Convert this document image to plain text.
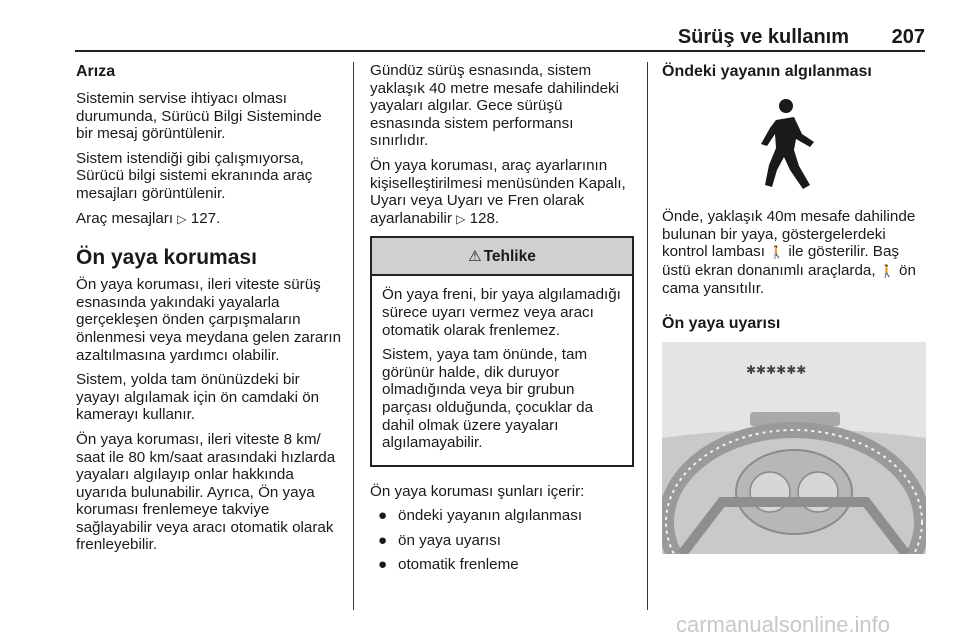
Sürüş ve kullanım 207
Arıza

Sistemin servise ihtiyacı olması durumunda, Sürücü Bilgi Sisteminde bir mesaj görüntülenir.

Sistem istendiği gibi çalışmıyorsa, Sürücü bilgi sistemi ekranında araç mesajları görüntülenir.

Araç mesajları ▷ 127.

Ön yaya koruması

Ön yaya koruması, ileri viteste sürüş esnasında yakındaki yayalarla gerçekleşen önden çarpışmaların önlenmesi veya meydana gelen zararın azaltılmasına yardımcı olabilir.

Sistem, yolda tam önünüzdeki bir yayayı algılamak için ön camdaki ön kamerayı kullanır.

Ön yaya koruması, ileri viteste 8 km/ saat ile 80 km/saat arasındaki hızlarda yayaları algılayıp onlar hakkında uyarıda bulunabilir. Ayrıca, Ön yaya koruması frenlemeye takviye sağlayabilir veya aracı otomatik olarak frenleyebilir.

Gündüz sürüş esnasında, sistem yaklaşık 40 metre mesafe dahilindeki yayaları algılar. Gece sürüşü esnasında sistem performansı sınırlıdır.

Ön yaya koruması, araç ayarlarının kişiselleştirilmesi menüsünden Kapalı, Uyarı veya Uyarı ve Fren olarak ayarlanabilir ▷ 128.

⚠ Tehlike

Ön yaya freni, bir yaya algılamadığı sürece uyarı vermez veya aracı otomatik olarak frenlemez.

Sistem, yaya tam önünde, tam görünür halde, dik duruyor olmadığında veya bir grubun parçası olduğunda, çocuklar da dahil olmak üzere yayaları algılamayabilir.

Ön yaya koruması şunları içerir:

● öndeki yayanın algılanması
● ön yaya uyarısı
● otomatik frenleme
Öndeki yayanın algılanması

Önde, yaklaşık 40m mesafe dahilinde bulunan bir yaya, göstergelerdeki kontrol lambası 🚶 ile gösterilir. Baş üstü ekran donanımlı araçlarda, 🚶 ön cama yansıtılır.

Ön yaya uyarısı
✱✱✱✱✱✱
carmanualsonline.info
